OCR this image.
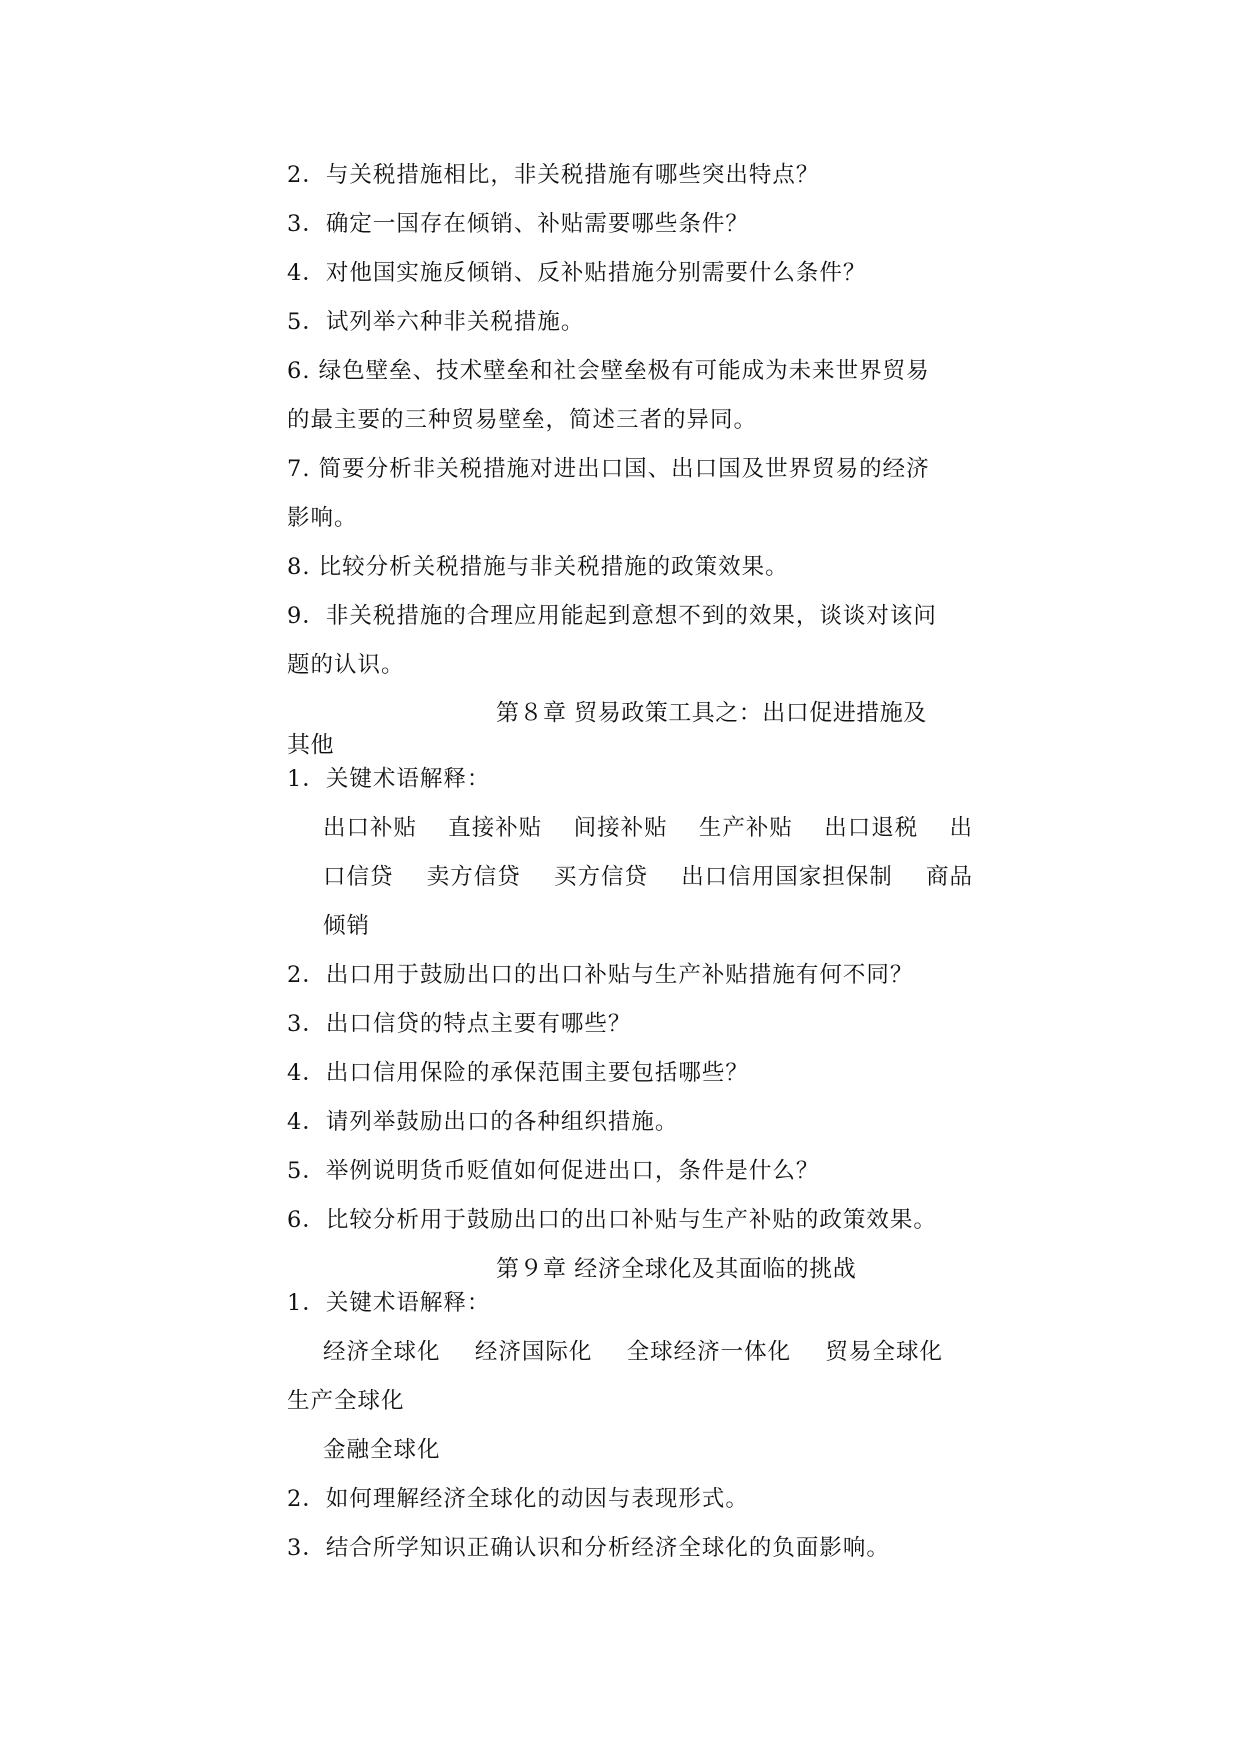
2．与关税措施相比，非关税措施有哪些突出特点？
3．确定一国存在倾销、补贴需要哪些条件？
4．对他国实施反倾销、反补贴措施分别需要什么条件？
5．试列举六种非关税措施。
6. 绿色壁垒、技术壁垒和社会壁垒极有可能成为未来世界贸易
的最主要的三种贸易壁垒，简述三者的异同。
7. 简要分析非关税措施对进出口国、出口国及世界贸易的经济
影响。
8. 比较分析关税措施与非关税措施的政策效果。
9．非关税措施的合理应用能起到意想不到的效果，谈谈对该问
题的认识。
第８章 贸易政策工具之：出口促进措施及
其他
1．关键术语解释：
出口补贴 直接补贴 间接补贴 生产补贴 出口退税 出
口信贷 卖方信贷 买方信贷 出口信用国家担保制 商品
倾销
2．出口用于鼓励出口的出口补贴与生产补贴措施有何不同？
3．出口信贷的特点主要有哪些？
4．出口信用保险的承保范围主要包括哪些？
4．请列举鼓励出口的各种组织措施。
5．举例说明货币贬值如何促进出口，条件是什么？
6．比较分析用于鼓励出口的出口补贴与生产补贴的政策效果。
第９章 经济全球化及其面临的挑战
1．关键术语解释：
经济全球化 经济国际化 全球经济一体化 贸易全球化
生产全球化
金融全球化
2．如何理解经济全球化的动因与表现形式。
3．结合所学知识正确认识和分析经济全球化的负面影响。
